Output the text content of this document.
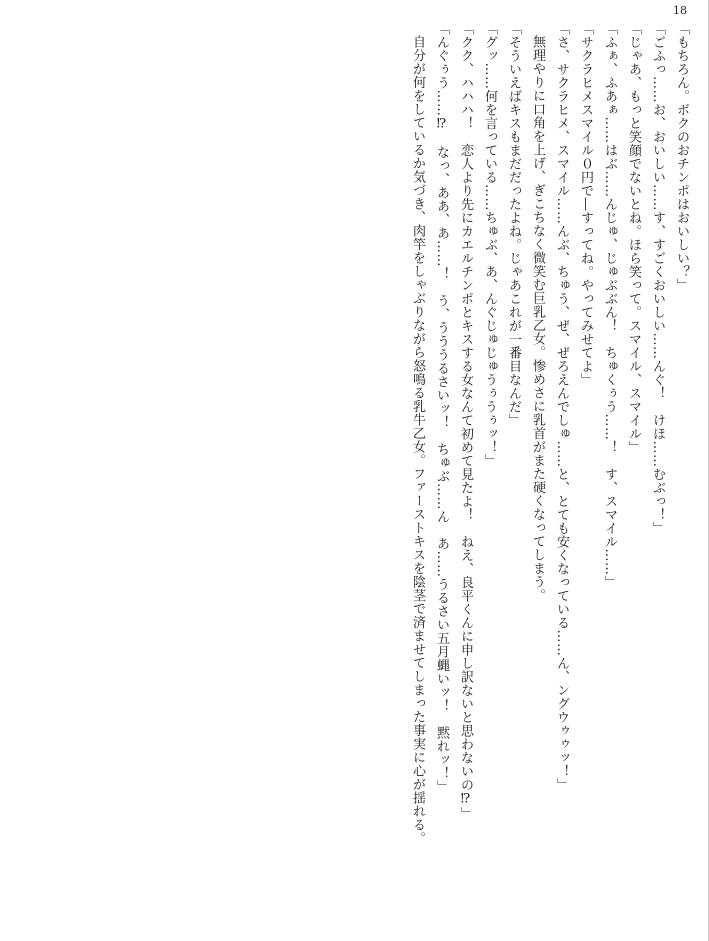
18
「もちろん。ボクのおチンポはおいしい？」
「ごふっ……お、おいしい……す、すごくおいしい……んぐ！　けほ……むぶっ！」
「じゃあ、もっと笑顔でないとね。ほら笑って。スマイル、スマイル」
「ふぁ、ふあぁ……はぶ……んじゅ、じゅぶぶん！　ちゅくぅう……！　す、スマイル……」
「サクラヒメスマイル０円で―すってね。やってみせてよ」
「さ、サクラヒメ、スマイル……んぶ、ちゅう、ぜ、ぜろえんでしゅ……と、とても安くなっている……ん、ングウゥゥッ！」
無理やりに口角を上げ、ぎこちなく微笑む巨乳乙女。惨めさに乳首がまた硬くなってしまう。
「そういえばキスもまだだったよね。じゃあこれが一番目なんだ」
「グッ……何を言っている……ちゅぶ、あ、んぐじゅじゅうぅうぅッ！」
「クク、ハハハ！　恋人より先にカエルチンポとキスする女なんて初めて見たよ！　ねえ、良平くんに申し訳ないと思わないの⁉」
「んぐぅう……⁉　なっ、ああ、あ……！　う、うううるさいッ！　ちゅぶ……ん　あ……うるさい五月蝿いッ！　黙れッ！」
自分が何をしているか気づき、肉竿をしゃぶりながら怒鳴る乳牛乙女。ファーストキスを陰茎で済ませてしまった事実に心が揺れる。
